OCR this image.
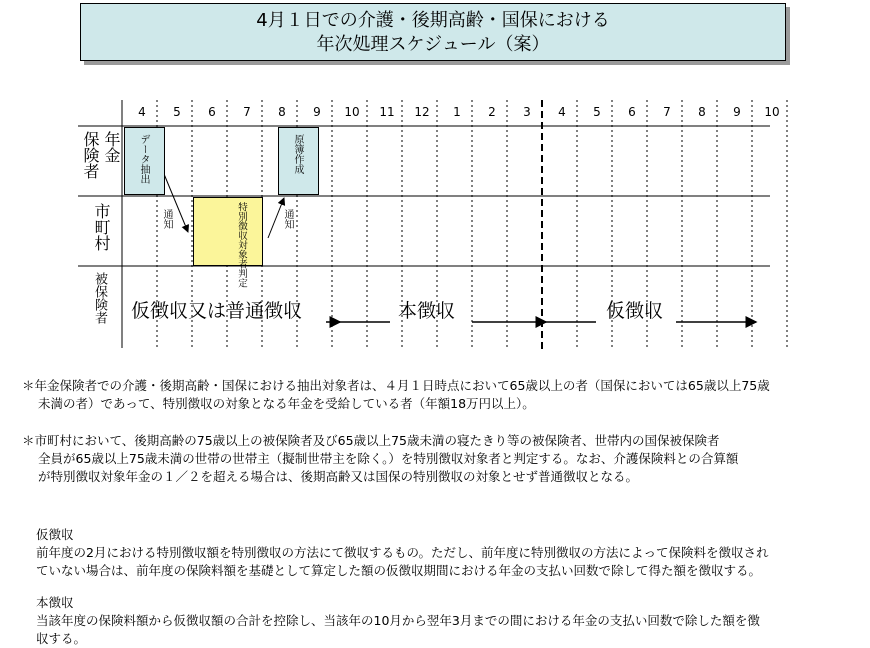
4月１日での介護・後期高齢・国保における
年次処理スケジュール（案）
4	5	6	7	8	9	10	11	12	1	2	3	4	5	6	7	8	9	10
年金
保険者
市町村
被保険者
データ抽出	原簿作成
特別徴収対象者判定
通知	通知
仮徴収又は普通徴収	本徴収	仮徴収
＊年金保険者での介護・後期高齢・国保における抽出対象者は、４月１日時点において65歳以上の者（国保においては65歳以上75歳
未満の者）であって、特別徴収の対象となる年金を受給している者（年額18万円以上）。
＊市町村において、後期高齢の75歳以上の被保険者及び65歳以上75歳未満の寝たきり等の被保険者、世帯内の国保被保険者
全員が65歳以上75歳未満の世帯の世帯主（擬制世帯主を除く。）を特別徴収対象者と判定する。なお、介護保険料との合算額
が特別徴収対象年金の１／２を超える場合は、後期高齢又は国保の特別徴収の対象とせず普通徴収となる。
仮徴収
前年度の2月における特別徴収額を特別徴収の方法にて徴収するもの。ただし、前年度に特別徴収の方法によって保険料を徴収され
ていない場合は、前年度の保険料額を基礎として算定した額の仮徴収期間における年金の支払い回数で除して得た額を徴収する。
本徴収
当該年度の保険料額から仮徴収額の合計を控除し、当該年の10月から翌年3月までの間における年金の支払い回数で除した額を徴
収する。
